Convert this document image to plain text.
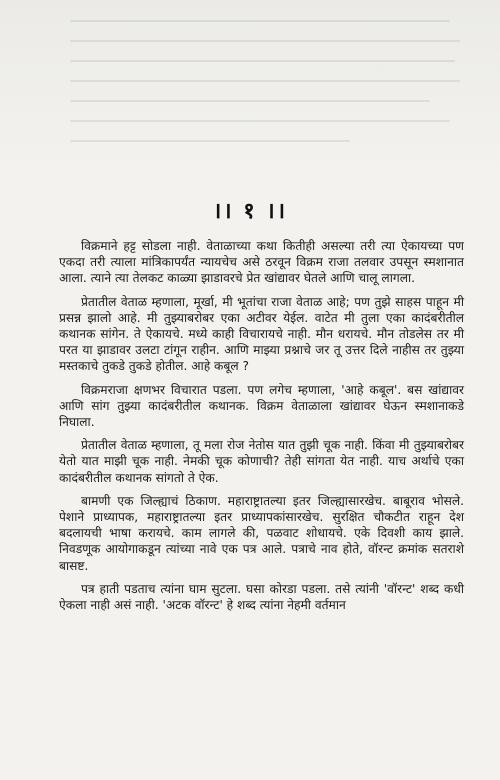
।। १ ।।

विक्रमाने हट्ट सोडला नाही. वेताळाच्या कथा कितीही असल्या तरी त्या ऐकायच्या पण एकदा तरी त्याला मांत्रिकापर्यंत न्यायचेच असे ठरवून विक्रम राजा तलवार उपसून स्मशानात आला. त्याने त्या तेलकट काळ्या झाडावरचे प्रेत खांद्यावर घेतले आणि चालू लागला.

प्रेतातील वेताळ म्हणाला, मूर्खा, मी भूतांचा राजा वेताळ आहे; पण तुझे साहस पाहून मी प्रसन्न झालो आहे. मी तुझ्याबरोबर एका अटीवर येईल. वाटेत मी तुला एका कादंबरीतील कथानक सांगेन. ते ऐकायचे. मध्ये काही विचारायचे नाही. मौन धरायचे. मौन तोडलेस तर मी परत या झाडावर उलटा टांगून राहीन. आणि माझ्या प्रश्नाचे जर तू उत्तर दिले नाहीस तर तुझ्या मस्तकाचे तुकडे तुकडे होतील. आहे कबूल ?

विक्रमराजा क्षणभर विचारात पडला. पण लगेच म्हणाला, 'आहे कबूल'. बस खांद्यावर आणि सांग तुझ्या कादंबरीतील कथानक. विक्रम वेताळाला खांद्यावर घेऊन स्मशानाकडे निघाला.

प्रेतातील वेताळ म्हणाला, तू मला रोज नेतोस यात तुझी चूक नाही. किंवा मी तुझ्याबरोबर येतो यात माझी चूक नाही. नेमकी चूक कोणाची? तेही सांगता येत नाही. याच अर्थाचे एका कादंबरीतील कथानक सांगतो ते ऐक.

बामणी एक जिल्ह्याचं ठिकाण. महाराष्ट्रातल्या इतर जिल्ह्यासारखेच. बाबूराव भोसले. पेशाने प्राध्यापक, महाराष्ट्रातल्या इतर प्राध्यापकांसारखेच. सुरक्षित चौकटीत राहून देश बदलायची भाषा करायचे. काम लागले की, पळवाट शोधायचे. एके दिवशी काय झाले. निवडणूक आयोगाकडून त्यांच्या नावे एक पत्र आले. पत्राचे नाव होते, वॉरन्ट क्रमांक सतराशे बासष्ट.

पत्र हाती पडताच त्यांना घाम सुटला. घसा कोरडा पडला. तसे त्यांनी 'वॉरन्ट' शब्द कधी ऐकला नाही असं नाही. 'अटक वॉरन्ट' हे शब्द त्यांना नेहमी वर्तमान
